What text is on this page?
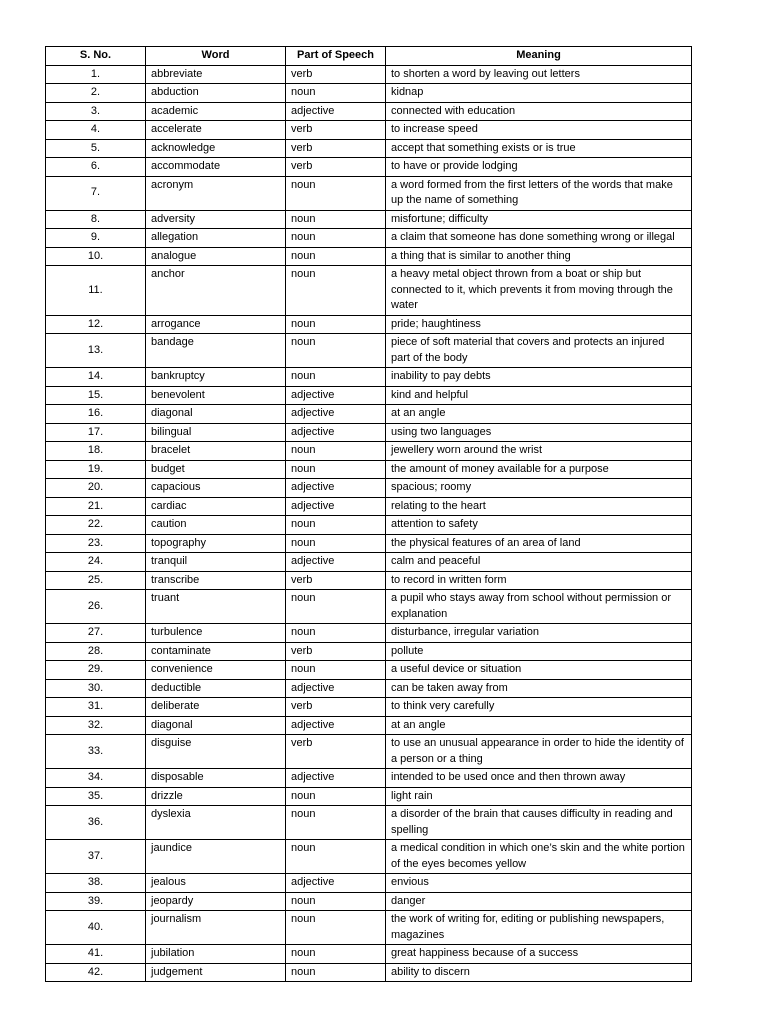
S. No.	Word	Part of Speech	Meaning
1.	abbreviate	verb	to shorten a word by leaving out letters
2.	abduction	noun	kidnap
3.	academic	adjective	connected with education
4.	accelerate	verb	to increase speed
5.	acknowledge	verb	accept that something exists or is true
6.	accommodate	verb	to have or provide lodging
7.	acronym	noun	a word formed from the first letters of the words that make up the name of something
8.	adversity	noun	misfortune; difficulty
9.	allegation	noun	a claim that someone has done something wrong or illegal
10.	analogue	noun	a thing that is similar to another thing
11.	anchor	noun	a heavy metal object thrown from a boat or ship but connected to it, which prevents it from moving through the water
12.	arrogance	noun	pride; haughtiness
13.	bandage	noun	piece of soft material that covers and protects an injured part of the body
14.	bankruptcy	noun	inability to pay debts
15.	benevolent	adjective	kind and helpful
16.	diagonal	adjective	at an angle
17.	bilingual	adjective	using two languages
18.	bracelet	noun	jewellery worn around the wrist
19.	budget	noun	the amount of money available for a purpose
20.	capacious	adjective	spacious; roomy
21.	cardiac	adjective	relating to the heart
22.	caution	noun	attention to safety
23.	topography	noun	the physical features of an area of land
24.	tranquil	adjective	calm and peaceful
25.	transcribe	verb	to record in written form
26.	truant	noun	a pupil who stays away from school without permission or explanation
27.	turbulence	noun	disturbance, irregular variation
28.	contaminate	verb	pollute
29.	convenience	noun	a useful device or situation
30.	deductible	adjective	can be taken away from
31.	deliberate	verb	to think very carefully
32.	diagonal	adjective	at an angle
33.	disguise	verb	to use an unusual appearance in order to hide the identity of a person or a thing
34.	disposable	adjective	intended to be used once and then thrown away
35.	drizzle	noun	light rain
36.	dyslexia	noun	a disorder of the brain that causes difficulty in reading and spelling
37.	jaundice	noun	a medical condition in which one’s skin and the white portion of the eyes becomes yellow
38.	jealous	adjective	envious
39.	jeopardy	noun	danger
40.	journalism	noun	the work of writing for, editing or publishing newspapers, magazines
41.	jubilation	noun	great happiness because of a success
42.	judgement	noun	ability to discern
